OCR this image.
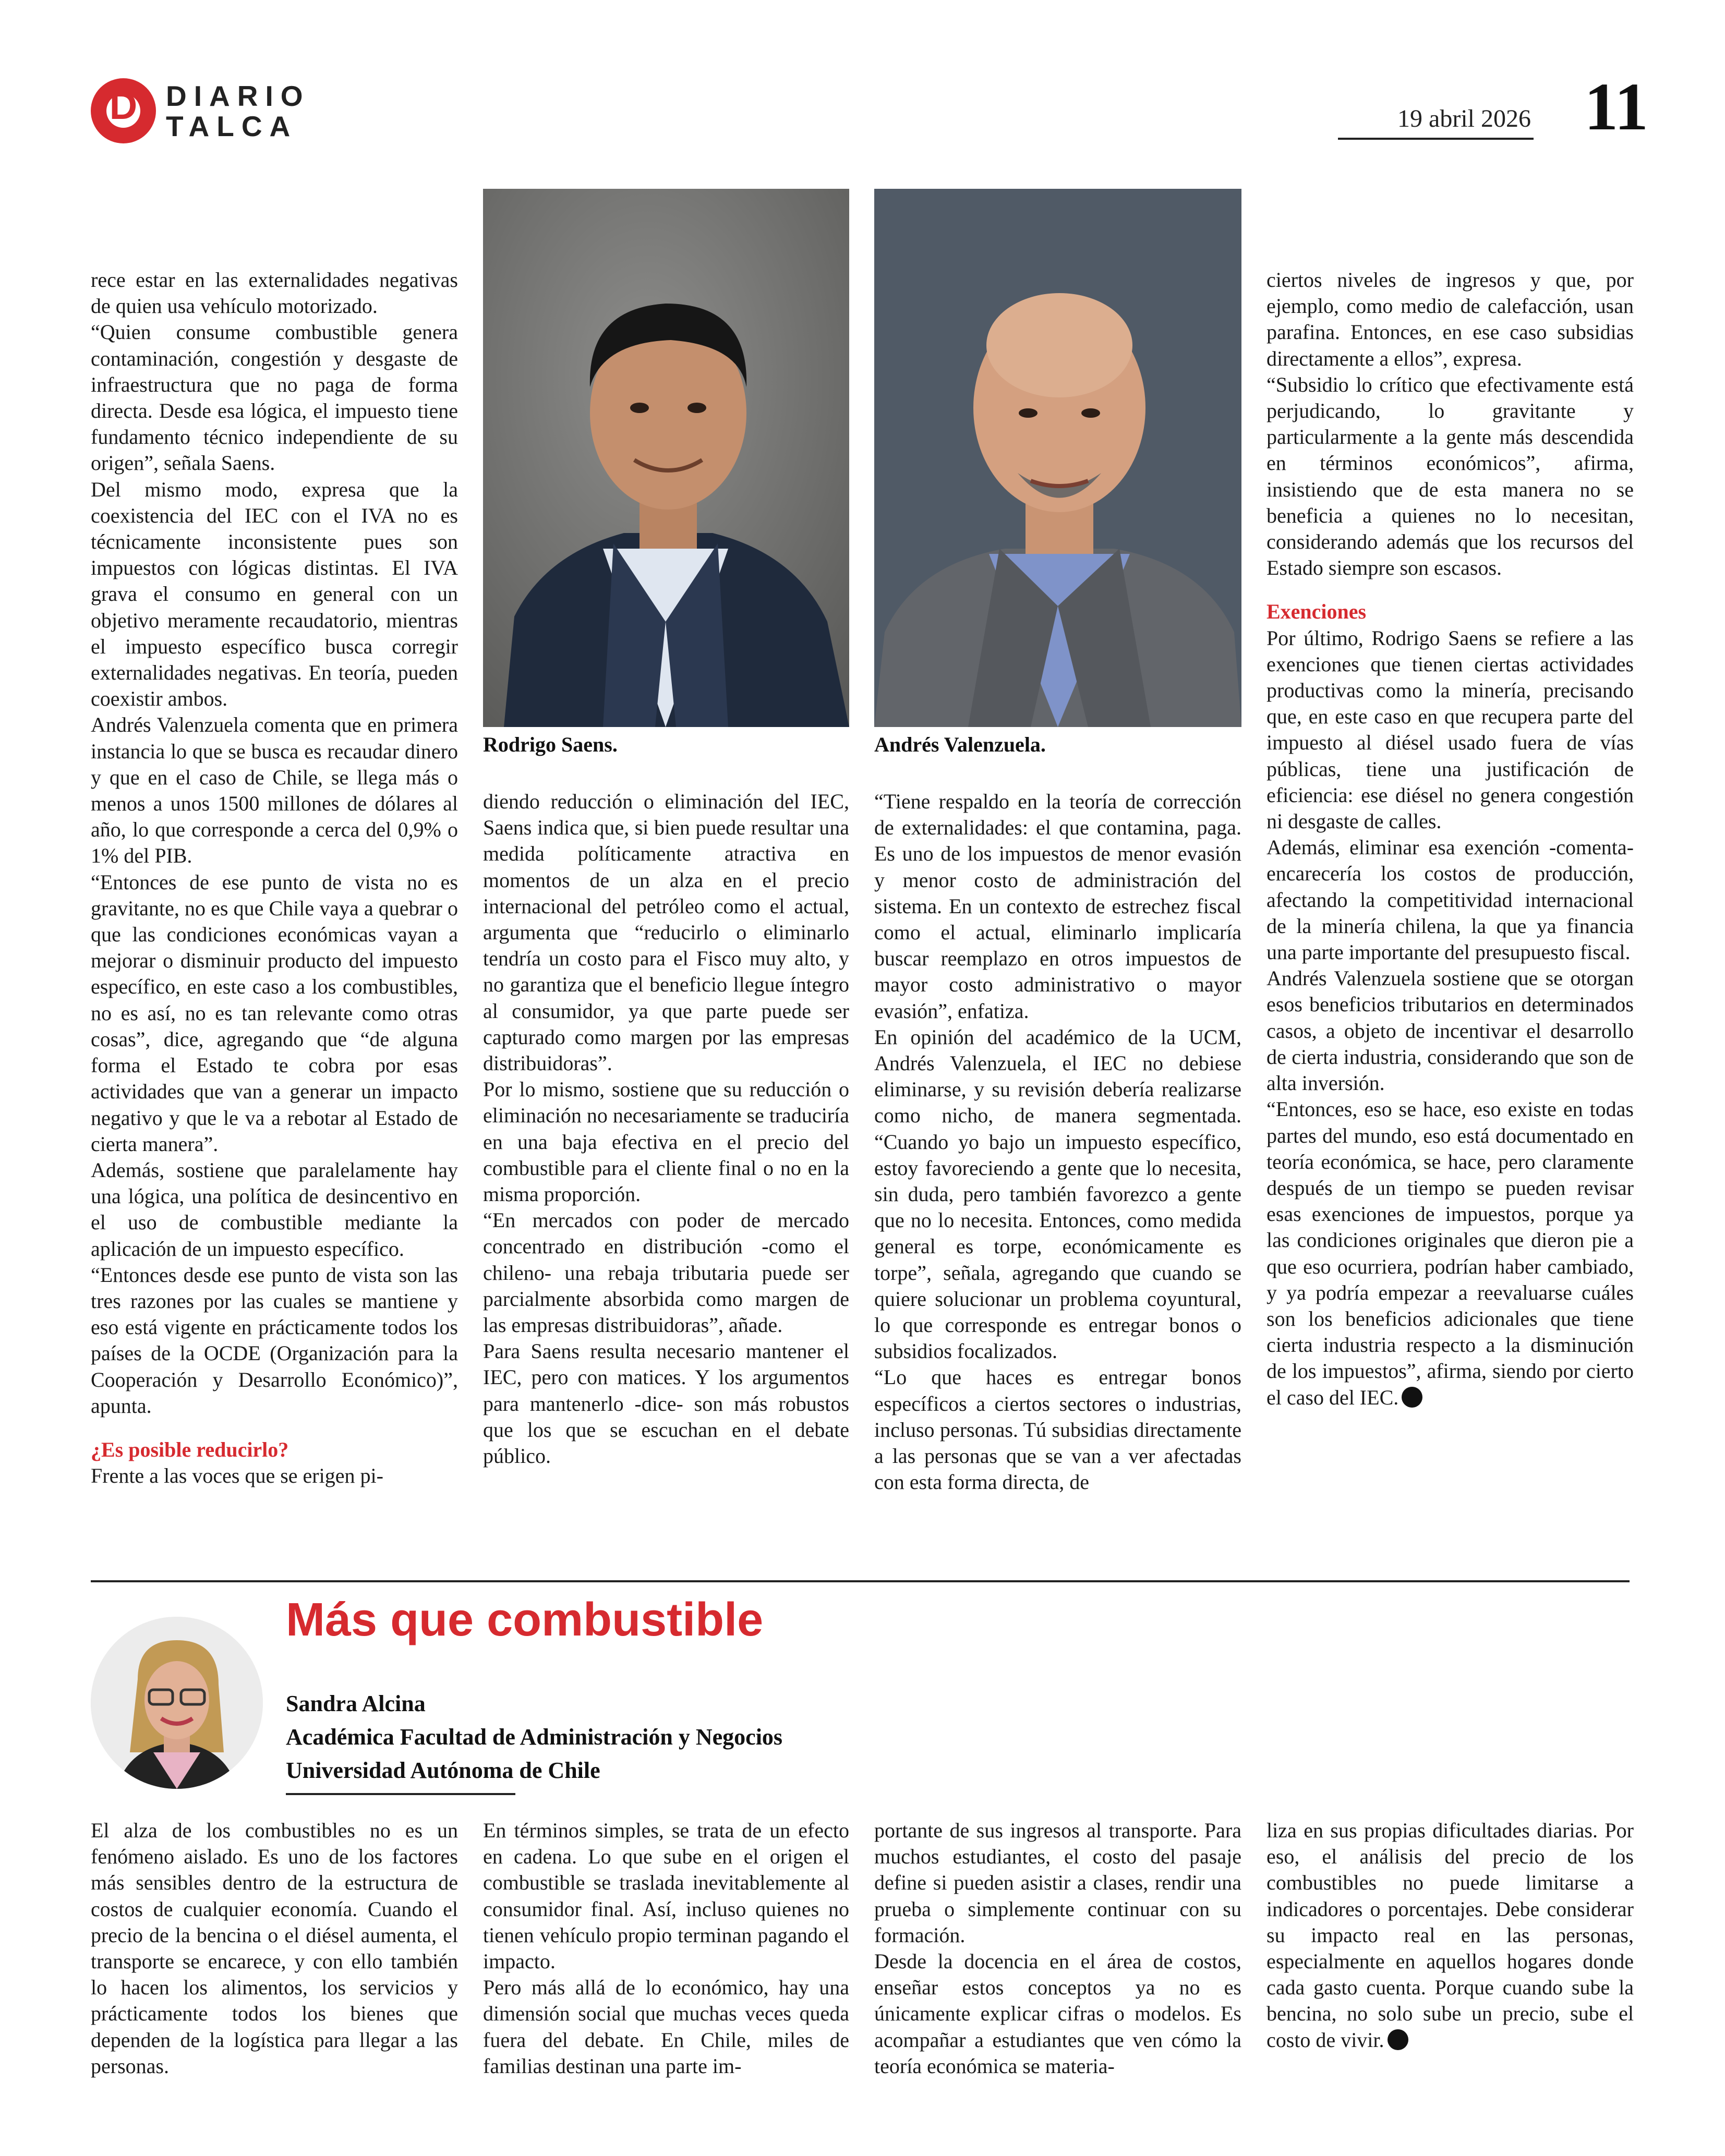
D DIARIO
TALCA	19 abril 2026 11
Rodrigo Saens.	Andrés Valenzuela.

rece estar en las externalidades negativas de quien usa vehículo motorizado.

“Quien consume combustible genera contaminación, congestión y desgaste de infraestructura que no paga de forma directa. Desde esa lógica, el impuesto tiene fundamento técnico independiente de su origen”, señala Saens.

Del mismo modo, expresa que la coexistencia del IEC con el IVA no es técnicamente inconsistente pues son impuestos con lógicas distintas. El IVA grava el consumo en general con un objetivo meramente recaudatorio, mientras el impuesto específico busca corregir externalidades negativas. En teoría, pueden coexistir ambos.

Andrés Valenzuela comenta que en primera instancia lo que se busca es recaudar dinero y que en el caso de Chile, se llega más o menos a unos 1500 millones de dólares al año, lo que corresponde a cerca del 0,9% o 1% del PIB.

“Entonces de ese punto de vista no es gravitante, no es que Chile vaya a quebrar o que las condiciones económicas vayan a mejorar o disminuir producto del impuesto específico, en este caso a los combustibles, no es así, no es tan relevante como otras cosas”, dice, agregando que “de alguna forma el Estado te cobra por esas actividades que van a generar un impacto negativo y que le va a rebotar al Estado de cierta manera”.

Además, sostiene que paralelamente hay una lógica, una política de desincentivo en el uso de combustible mediante la aplicación de un impuesto específico.

“Entonces desde ese punto de vista son las tres razones por las cuales se mantiene y eso está vigente en prácticamente todos los países de la OCDE (Organización para la Cooperación y Desarrollo Económico)”, apunta.

¿Es posible reducirlo?

Frente a las voces que se erigen pi-

diendo reducción o eliminación del IEC, Saens indica que, si bien puede resultar una medida políticamente atractiva en momentos de un alza en el precio internacional del petróleo como el actual, argumenta que “reducirlo o eliminarlo tendría un costo para el Fisco muy alto, y no garantiza que el beneficio llegue íntegro al consumidor, ya que parte puede ser capturado como margen por las empresas distribuidoras”.

Por lo mismo, sostiene que su reducción o eliminación no necesariamente se traduciría en una baja efectiva en el precio del combustible para el cliente final o no en la misma proporción.

“En mercados con poder de mercado concentrado en distribución -como el chileno- una rebaja tributaria puede ser parcialmente absorbida como margen de las empresas distribuidoras”, añade.

Para Saens resulta necesario mantener el IEC, pero con matices. Y los argumentos para mantenerlo -dice- son más robustos que los que se escuchan en el debate público.

“Tiene respaldo en la teoría de corrección de externalidades: el que contamina, paga. Es uno de los impuestos de menor evasión y menor costo de administración del sistema. En un contexto de estrechez fiscal como el actual, eliminarlo implicaría buscar reemplazo en otros impuestos de mayor costo administrativo o mayor evasión”, enfatiza.

En opinión del académico de la UCM, Andrés Valenzuela, el IEC no debiese eliminarse, y su revisión debería realizarse como nicho, de manera segmentada. “Cuando yo bajo un impuesto específico, estoy favoreciendo a gente que lo necesita, sin duda, pero también favorezco a gente que no lo necesita. Entonces, como medida general es torpe, económicamente es torpe”, señala, agregando que cuando se quiere solucionar un problema coyuntural, lo que corresponde es entregar bonos o subsidios focalizados.

“Lo que haces es entregar bonos específicos a ciertos sectores o industrias, incluso personas. Tú subsidias directamente a las personas que se van a ver afectadas con esta forma directa, de

ciertos niveles de ingresos y que, por ejemplo, como medio de calefacción, usan parafina. Entonces, en ese caso subsidias directamente a ellos”, expresa.

“Subsidio lo crítico que efectivamente está perjudicando, lo gravitante y particularmente a la gente más descendida en términos económicos”, afirma, insistiendo que de esta manera no se beneficia a quienes no lo necesitan, considerando además que los recursos del Estado siempre son escasos.

Exenciones

Por último, Rodrigo Saens se refiere a las exenciones que tienen ciertas actividades productivas como la minería, precisando que, en este caso en que recupera parte del impuesto al diésel usado fuera de vías públicas, tiene una justificación de eficiencia: ese diésel no genera congestión ni desgaste de calles.

Además, eliminar esa exención -comenta- encarecería los costos de producción, afectando la competitividad internacional de la minería chilena, la que ya financia una parte importante del presupuesto fiscal.

Andrés Valenzuela sostiene que se otorgan esos beneficios tributarios en determinados casos, a objeto de incentivar el desarrollo de cierta industria, considerando que son de alta inversión.

“Entonces, eso se hace, eso existe en todas partes del mundo, eso está documentado en teoría económica, se hace, pero claramente después de un tiempo se pueden revisar esas exenciones de impuestos, porque ya las condiciones originales que dieron pie a que eso ocurriera, podrían haber cambiado, y ya podría empezar a reevaluarse cuáles son los beneficios adicionales que tiene cierta industria respecto a la disminución de los impuestos”, afirma, siendo por cierto el caso del IEC.

Más que combustible
Sandra Alcina
Académica Facultad de Administración y Negocios
Universidad Autónoma de Chile

El alza de los combustibles no es un fenómeno aislado. Es uno de los factores más sensibles dentro de la estructura de costos de cualquier economía. Cuando el precio de la bencina o el diésel aumenta, el transporte se encarece, y con ello también lo hacen los alimentos, los servicios y prácticamente todos los bienes que dependen de la logística para llegar a las personas.

En términos simples, se trata de un efecto en cadena. Lo que sube en el origen el combustible se traslada inevitablemente al consumidor final. Así, incluso quienes no tienen vehículo propio terminan pagando el impacto.

Pero más allá de lo económico, hay una dimensión social que muchas veces queda fuera del debate. En Chile, miles de familias destinan una parte im-

portante de sus ingresos al transporte. Para muchos estudiantes, el costo del pasaje define si pueden asistir a clases, rendir una prueba o simplemente continuar con su formación.

Desde la docencia en el área de costos, enseñar estos conceptos ya no es únicamente explicar cifras o modelos. Es acompañar a estudiantes que ven cómo la teoría económica se materia-

liza en sus propias dificultades diarias. Por eso, el análisis del precio de los combustibles no puede limitarse a indicadores o porcentajes. Debe considerar su impacto real en las personas, especialmente en aquellos hogares donde cada gasto cuenta. Porque cuando sube la bencina, no solo sube un precio, sube el costo de vivir.
